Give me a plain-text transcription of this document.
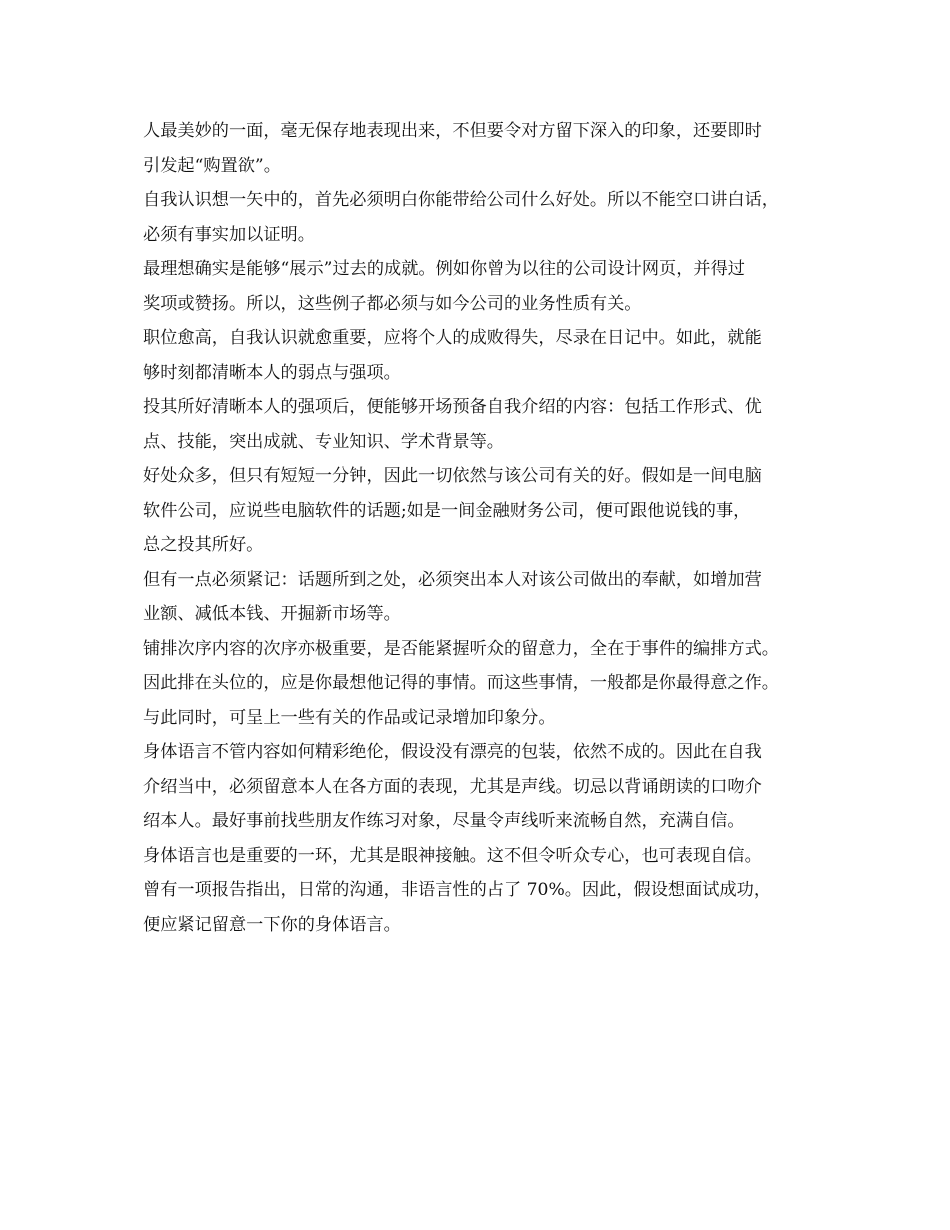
人最美妙的一面，毫无保存地表现出来，不但要令对方留下深入的印象，还要即时
引发起“购置欲”。
自我认识想一矢中的，首先必须明白你能带给公司什么好处。所以不能空口讲白话，
必须有事实加以证明。
最理想确实是能够“展示”过去的成就。例如你曾为以往的公司设计网页，并得过
奖项或赞扬。所以，这些例子都必须与如今公司的业务性质有关。
职位愈高，自我认识就愈重要，应将个人的成败得失，尽录在日记中。如此，就能
够时刻都清晰本人的弱点与强项。
投其所好清晰本人的强项后，便能够开场预备自我介绍的内容：包括工作形式、优
点、技能，突出成就、专业知识、学术背景等。
好处众多，但只有短短一分钟，因此一切依然与该公司有关的好。假如是一间电脑
软件公司，应说些电脑软件的话题;如是一间金融财务公司，便可跟他说钱的事，
总之投其所好。
但有一点必须紧记：话题所到之处，必须突出本人对该公司做出的奉献，如增加营
业额、减低本钱、开掘新市场等。
铺排次序内容的次序亦极重要，是否能紧握听众的留意力，全在于事件的编排方式。
因此排在头位的，应是你最想他记得的事情。而这些事情，一般都是你最得意之作。
与此同时，可呈上一些有关的作品或记录增加印象分。
身体语言不管内容如何精彩绝伦，假设没有漂亮的包装，依然不成的。因此在自我
介绍当中，必须留意本人在各方面的表现，尤其是声线。切忌以背诵朗读的口吻介
绍本人。最好事前找些朋友作练习对象，尽量令声线听来流畅自然，充满自信。
身体语言也是重要的一环，尤其是眼神接触。这不但令听众专心，也可表现自信。
曾有一项报告指出，日常的沟通，非语言性的占了 70%。因此，假设想面试成功，
便应紧记留意一下你的身体语言。
